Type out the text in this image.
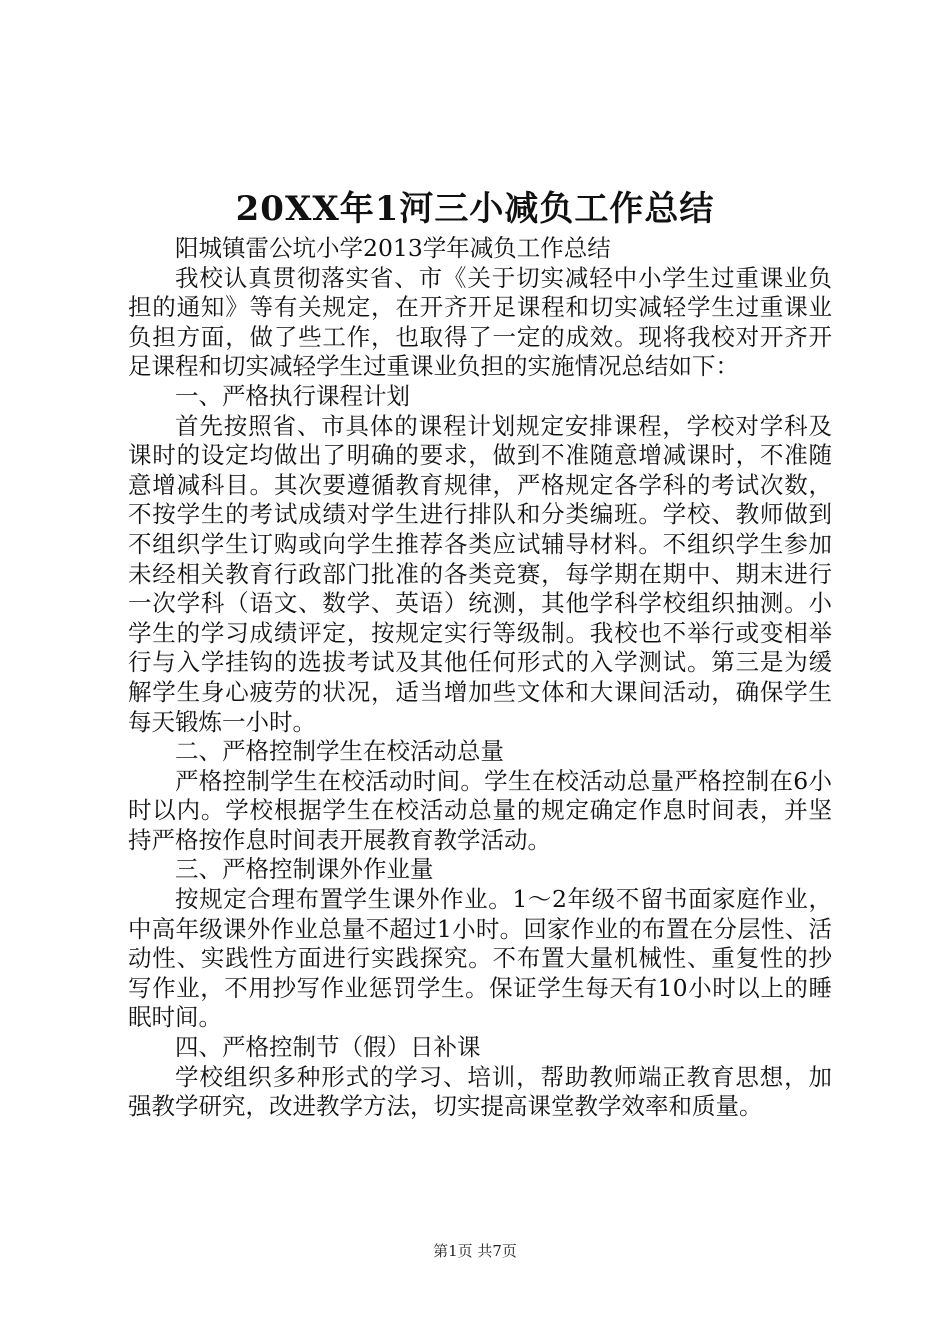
20XX年1河三小减负工作总结

阳城镇雷公坑小学2013学年减负工作总结

我校认真贯彻落实省、市《关于切实减轻中小学生过重课业负担的通知》等有关规定，在开齐开足课程和切实减轻学生过重课业负担方面，做了些工作，也取得了一定的成效。现将我校对开齐开足课程和切实减轻学生过重课业负担的实施情况总结如下：

一、严格执行课程计划

首先按照省、市具体的课程计划规定安排课程，学校对学科及课时的设定均做出了明确的要求，做到不准随意增减课时，不准随意增减科目。其次要遵循教育规律，严格规定各学科的考试次数，不按学生的考试成绩对学生进行排队和分类编班。学校、教师做到不组织学生订购或向学生推荐各类应试辅导材料。不组织学生参加未经相关教育行政部门批准的各类竞赛，每学期在期中、期末进行一次学科（语文、数学、英语）统测，其他学科学校组织抽测。小学生的学习成绩评定，按规定实行等级制。我校也不举行或变相举行与入学挂钩的选拔考试及其他任何形式的入学测试。第三是为缓解学生身心疲劳的状况，适当增加些文体和大课间活动，确保学生每天锻炼一小时。

二、严格控制学生在校活动总量

严格控制学生在校活动时间。学生在校活动总量严格控制在6小时以内。学校根据学生在校活动总量的规定确定作息时间表，并坚持严格按作息时间表开展教育教学活动。

三、严格控制课外作业量

按规定合理布置学生课外作业。1～2年级不留书面家庭作业，中高年级课外作业总量不超过1小时。回家作业的布置在分层性、活动性、实践性方面进行实践探究。不布置大量机械性、重复性的抄写作业，不用抄写作业惩罚学生。保证学生每天有10小时以上的睡眠时间。

四、严格控制节（假）日补课

学校组织多种形式的学习、培训，帮助教师端正教育思想，加强教学研究，改进教学方法，切实提高课堂教学效率和质量。

第1页 共7页
